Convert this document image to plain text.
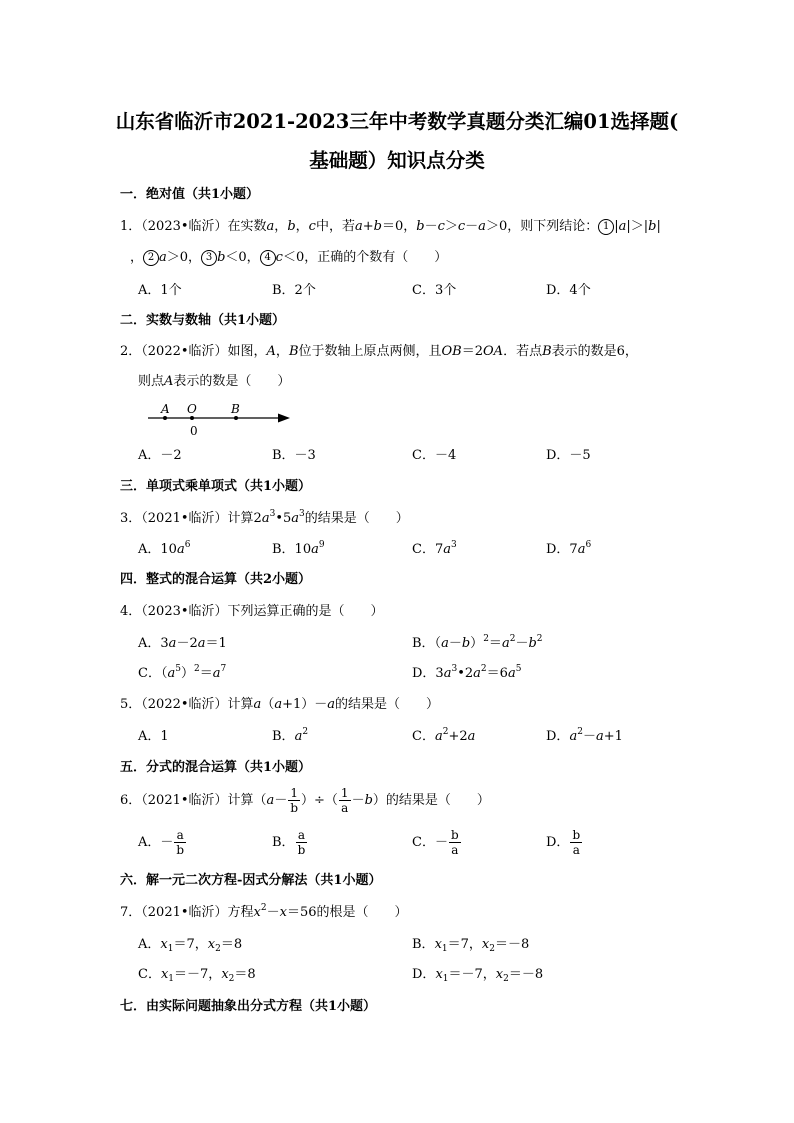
山东省临沂市2021-2023三年中考数学真题分类汇编01选择题(
基础题）知识点分类
一．绝对值（共1小题）
1．（2023•临沂）在实数a，b，c中，若a+b＝0，b－c＞c－a＞0，则下列结论： 1 |a|＞|b|
， 2 a＞0， 3 b＜0， 4 c＜0，正确的个数有（　　）
A．1个	B．2个	C．3个	D．4个
二．实数与数轴（共1小题）
2．（2022•临沂）如图，A，B位于数轴上原点两侧，且OB＝2OA．若点B表示的数是6，
则点A表示的数是（　　）
A O	B
0
A．－2	B．－3	C．－4	D．－5
三．单项式乘单项式（共1小题）
3．（2021•临沂）计算$2a^3•5a^3$的结果是（　　）
A．$10a^6$	B．$10a^9$	C．$7a^3$	D．$7a^6$
四．整式的混合运算（共2小题）
4．（2023•临沂）下列运算正确的是（　　）
A．3a－2a＝1	B．$(a-b)^2=a^2-b^2$
C．$(a^5)^2=a^7$	D．$3a^3•2a^2=6a^5$
5．（2022•临沂）计算a（a+1）－a的结果是（　　）
A．1	B．$a^2$	C．$a^2+2a$	D．$a^2-a+1$
五．分式的混合运算（共1小题）
6．（2021•临沂）计算（$a- \frac{1}{b}$ ）÷（ $\frac{1}{a} -b$）的结果是（　　）
A．－ $\frac{a}{b}$	B． $\frac{a}{b}$	C．－ $\frac{b}{a}$	D． $\frac{b}{a}$
六．解一元二次方程-因式分解法（共1小题）
7．（2021•临沂）方程$x^2-x=56$的根是（　　）
A．$x_1=7$，$x_2=8$	B．$x_1=7$，$x_2=-8$
C．$x_1=-7$，$x_2=8$	D．$x_1=-7$，$x_2=-8$
七．由实际问题抽象出分式方程（共1小题）
